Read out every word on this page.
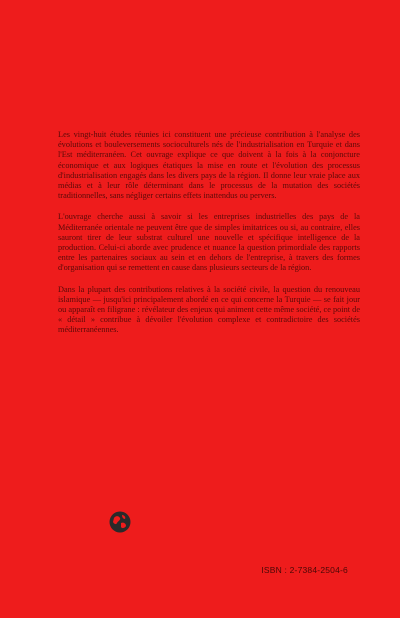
Les vingt-huit études réunies ici constituent une précieuse contribution à l'analyse des évolutions et bouleversements socioculturels nés de l'industrialisation en Turquie et dans l'Est méditerranéen. Cet ouvrage explique ce que doivent à la fois à la conjoncture économique et aux logiques étatiques la mise en route et l'évolution des processus d'industrialisation engagés dans les divers pays de la région. Il donne leur vraie place aux médias et à leur rôle déterminant dans le processus de la mutation des sociétés traditionnelles, sans négliger certains effets inattendus ou pervers.

L'ouvrage cherche aussi à savoir si les entreprises industrielles des pays de la Méditerranée orientale ne peuvent être que de simples imitatrices ou si, au contraire, elles sauront tirer de leur substrat culturel une nouvelle et spécifique intelligence de la production. Celui-ci aborde avec prudence et nuance la question primordiale des rapports entre les partenaires sociaux au sein et en dehors de l'entreprise, à travers des formes d'organisation qui se remettent en cause dans plusieurs secteurs de la région.

Dans la plupart des contributions relatives à la société civile, la question du renouveau islamique — jusqu'ici principalement abordé en ce qui concerne la Turquie — se fait jour ou apparaît en filigrane : révélateur des enjeux qui animent cette même société, ce point de « détail » contribue à dévoiler l'évolution complexe et contradictoire des sociétés méditerranéennes.

ISBN : 2-7384-2504-6
